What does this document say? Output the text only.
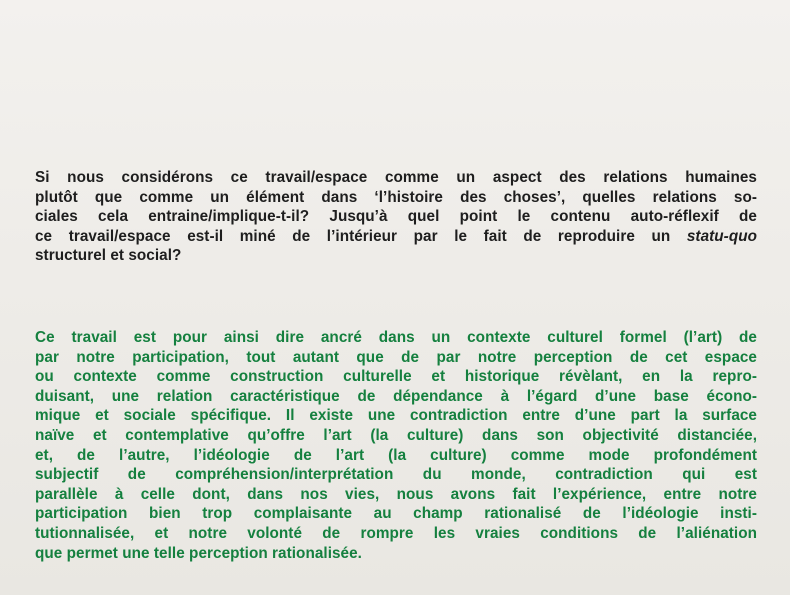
Si nous considérons ce travail/espace comme un aspect des relations humaines
plutôt que comme un élément dans ‘l’histoire des choses’, quelles relations so-
ciales cela entraine/implique-t-il? Jusqu’à quel point le contenu auto-réflexif de
ce travail/espace est-il miné de l’intérieur par le fait de reproduire un statu-quo
structurel et social?
Ce travail est pour ainsi dire ancré dans un contexte culturel formel (l’art) de
par notre participation, tout autant que de par notre perception de cet espace
ou contexte comme construction culturelle et historique révèlant, en la repro-
duisant, une relation caractéristique de dépendance à l’égard d’une base écono-
mique et sociale spécifique. Il existe une contradiction entre d’une part la surface
naïve et contemplative qu’offre l’art (la culture) dans son objectivité distanciée,
et, de l’autre, l’idéologie de l’art (la culture) comme mode profondément
subjectif de compréhension/interprétation du monde, contradiction qui est
parallèle à celle dont, dans nos vies, nous avons fait l’expérience, entre notre
participation bien trop complaisante au champ rationalisé de l’idéologie insti-
tutionnalisée, et notre volonté de rompre les vraies conditions de l’aliénation
que permet une telle perception rationalisée.
